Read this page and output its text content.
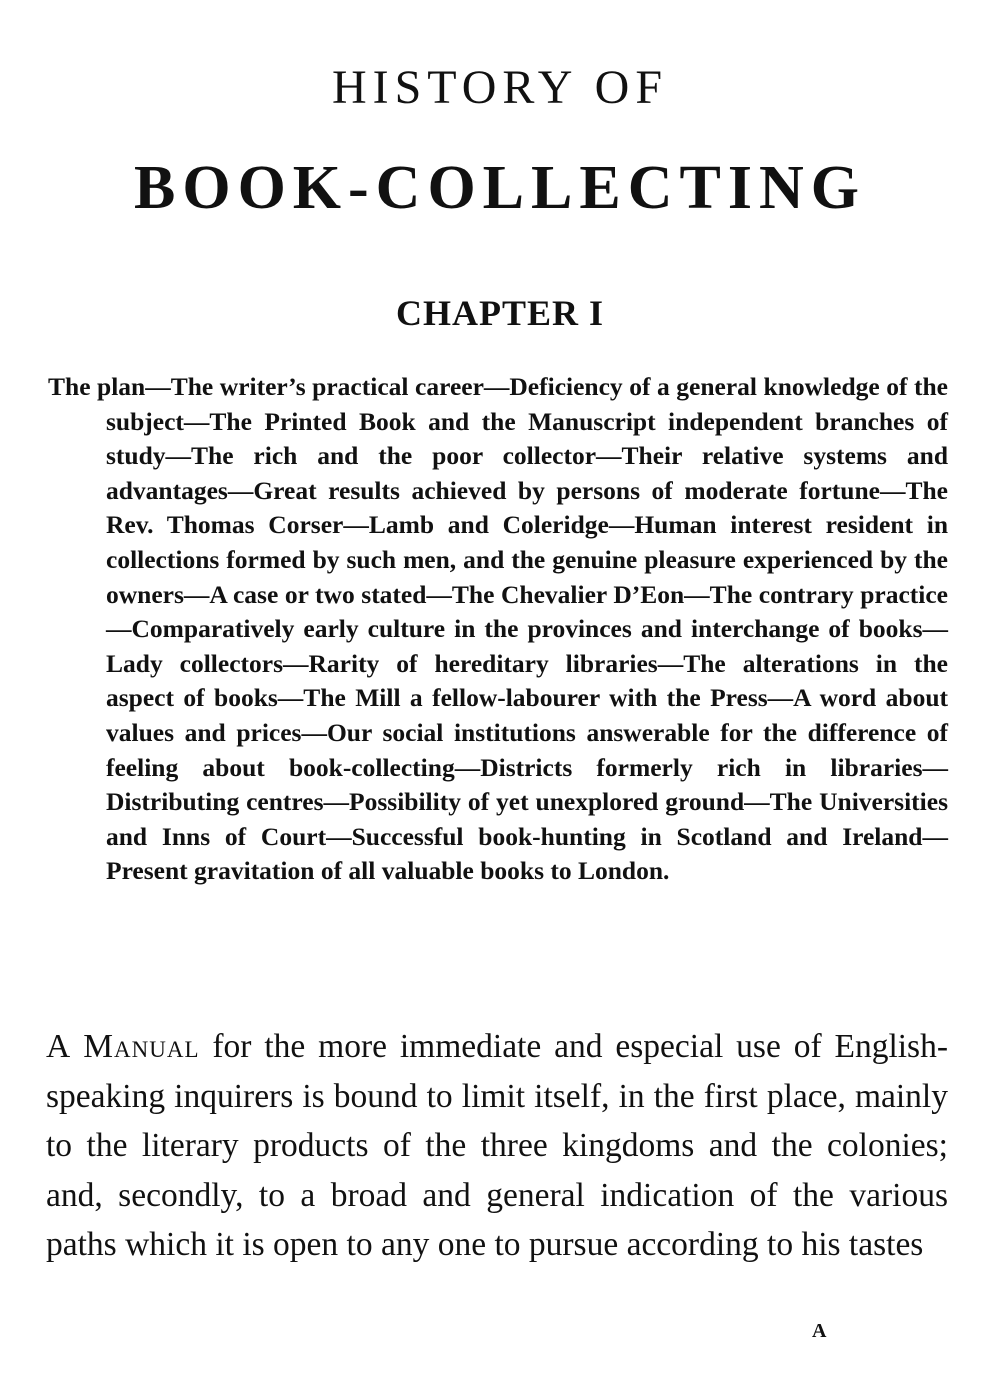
HISTORY OF
BOOK-COLLECTING
CHAPTER I

The plan—The writer’s practical career—Deficiency of a general knowledge of the subject—The Printed Book and the Manuscript independent branches of study—The rich and the poor collector—Their relative systems and advantages—Great results achieved by persons of moderate fortune—The Rev. Thomas Corser—Lamb and Coleridge—Human interest resident in collections formed by such men, and the genuine pleasure experienced by the owners—A case or two stated—The Chevalier D’Eon—The contrary practice—Comparatively early culture in the provinces and interchange of books—Lady collectors—Rarity of hereditary libraries—The alterations in the aspect of books—The Mill a fellow-labourer with the Press—A word about values and prices—Our social institutions answerable for the difference of feeling about book-collecting—Districts formerly rich in libraries—Distributing centres—Possibility of yet unexplored ground—The Universities and Inns of Court—Successful book-hunting in Scotland and Ireland—Present gravitation of all valuable books to London.

A Manual for the more immediate and especial use of English-speaking inquirers is bound to limit itself, in the first place, mainly to the literary products of the three kingdoms and the colonies; and, secondly, to a broad and general indication of the various paths which it is open to any one to pursue according to his tastes

A
